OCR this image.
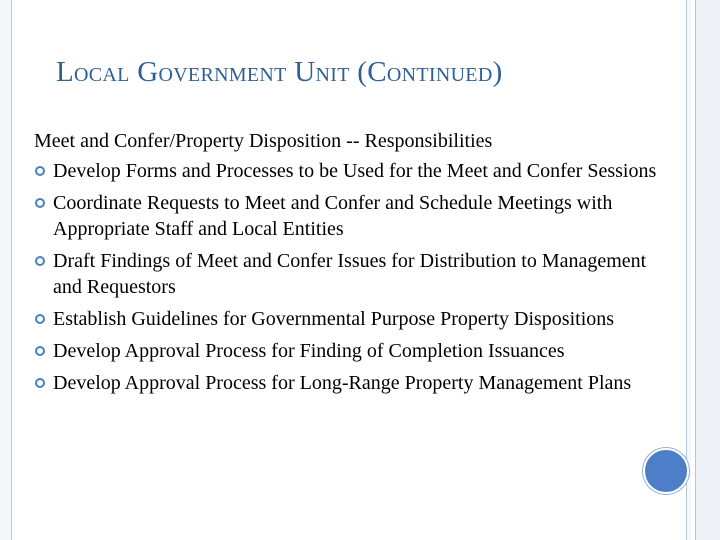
Local Government Unit (Continued)
Meet and Confer/Property Disposition -- Responsibilities
Develop Forms and Processes to be Used for the Meet and Confer Sessions
Coordinate Requests to Meet and Confer and Schedule Meetings with Appropriate Staff and Local Entities
Draft Findings of Meet and Confer Issues for Distribution to Management and Requestors
Establish Guidelines for Governmental Purpose Property Dispositions
Develop Approval Process for Finding of Completion Issuances
Develop Approval Process for Long-Range Property Management Plans
